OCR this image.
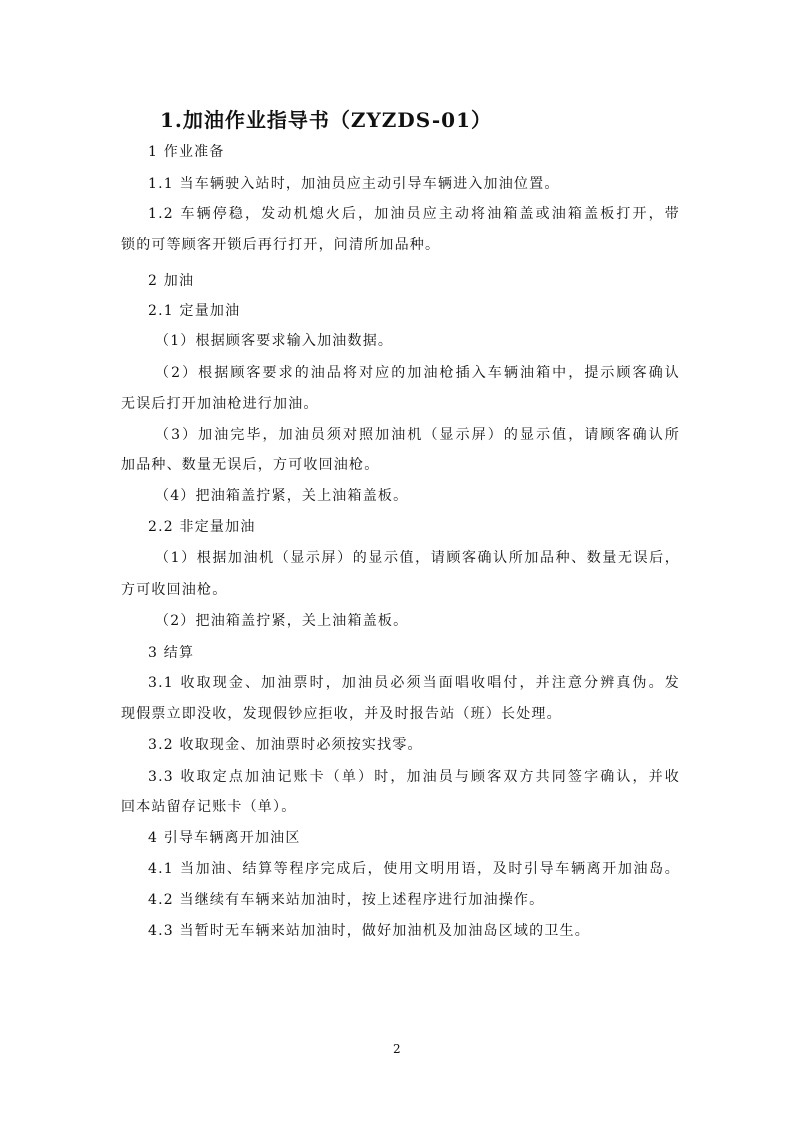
1.加油作业指导书（ZYZDS-01）
1 作业准备
1.1 当车辆驶入站时，加油员应主动引导车辆进入加油位置。
1.2 车辆停稳，发动机熄火后，加油员应主动将油箱盖或油箱盖板打开，带
锁的可等顾客开锁后再行打开，问清所加品种。
2 加油
2.1 定量加油
（1）根据顾客要求输入加油数据。
（2）根据顾客要求的油品将对应的加油枪插入车辆油箱中，提示顾客确认
无误后打开加油枪进行加油。
（3）加油完毕，加油员须对照加油机（显示屏）的显示值，请顾客确认所
加品种、数量无误后，方可收回油枪。
（4）把油箱盖拧紧，关上油箱盖板。
2.2 非定量加油
（1）根据加油机（显示屏）的显示值，请顾客确认所加品种、数量无误后，
方可收回油枪。
（2）把油箱盖拧紧，关上油箱盖板。
3 结算
3.1 收取现金、加油票时，加油员必须当面唱收唱付，并注意分辨真伪。发
现假票立即没收，发现假钞应拒收，并及时报告站（班）长处理。
3.2 收取现金、加油票时必须按实找零。
3.3 收取定点加油记账卡（单）时，加油员与顾客双方共同签字确认，并收
回本站留存记账卡（单）。
4 引导车辆离开加油区
4.1 当加油、结算等程序完成后，使用文明用语，及时引导车辆离开加油岛。
4.2 当继续有车辆来站加油时，按上述程序进行加油操作。
4.3 当暂时无车辆来站加油时，做好加油机及加油岛区域的卫生。
2
